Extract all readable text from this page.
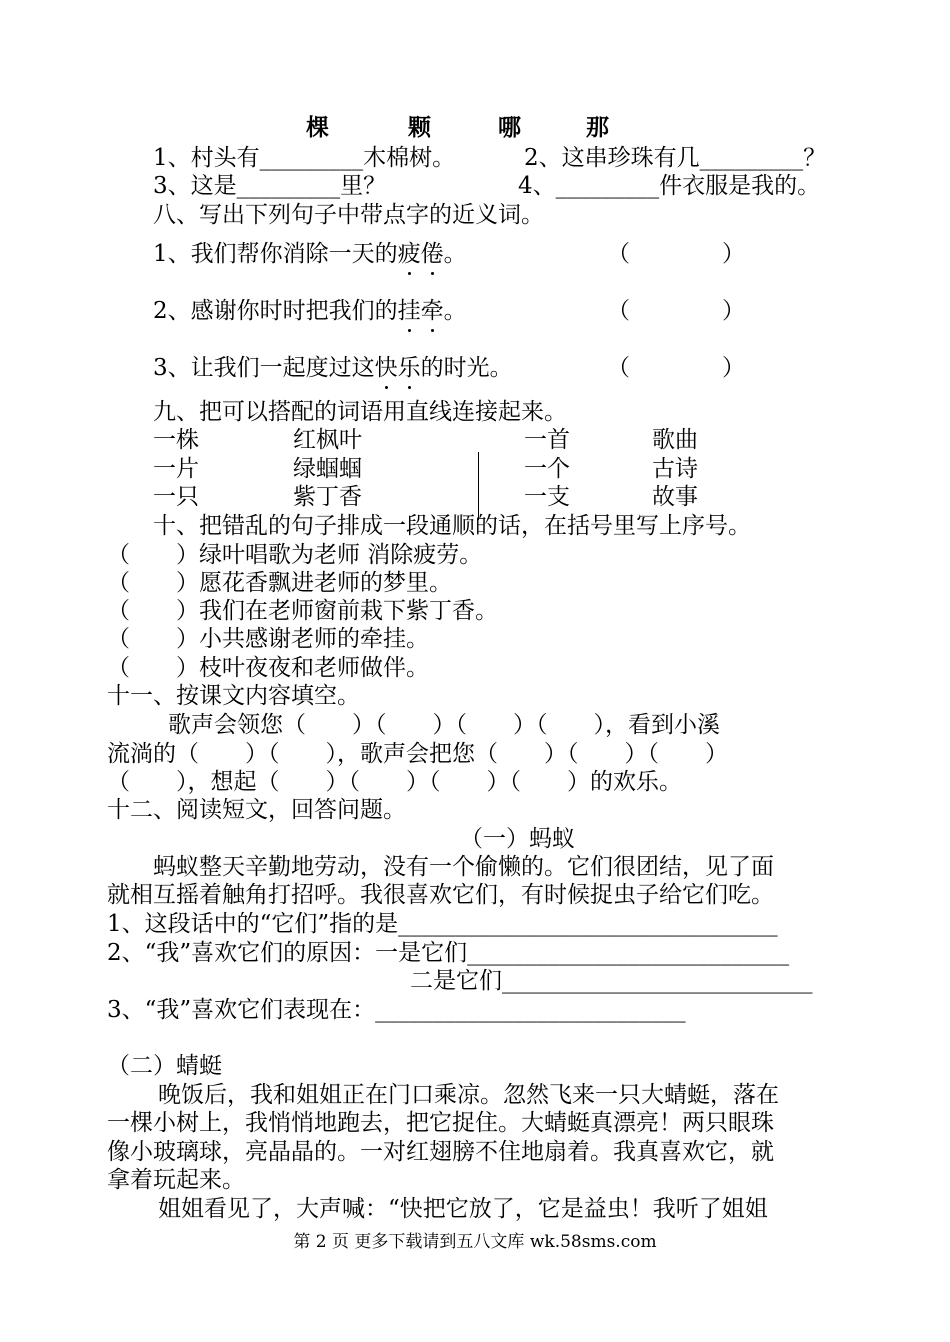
棵	颗	哪	那
1、村头有_________木棉树。	2、这串珍珠有几_________？
3、这是_________里？	4、_________件衣服是我的。
八、写出下列句子中带点字的近义词。
1、我们帮你消除一天的疲倦。	（　　　　）
2、感谢你时时把我们的挂牵。	（　　　　）
3、让我们一起度过这快乐的时光。	（　　　　）
九、把可以搭配的词语用直线连接起来。
一株	红枫叶	一首	歌曲
一片	绿蝈蝈	一个	古诗
一只	紫丁香	一支	故事
十、把错乱的句子排成一段通顺的话，在括号里写上序号。
（　　）绿叶唱歌为老师 消除疲劳。
（　　）愿花香飘进老师的梦里。
（　　）我们在老师窗前栽下紫丁香。
（　　）小共感谢老师的牵挂。
（　　）枝叶夜夜和老师做伴。
十一、按课文内容填空。
歌声会领您（　　）（　　）（　　）（　　），看到小溪
流淌的（　　）（　　），歌声会把您（　　）（　　）（　　）
（　　），想起（　　）（　　）（　　）（　　）的欢乐。
十二、阅读短文，回答问题。
（一）蚂蚁
蚂蚁整天辛勤地劳动，没有一个偷懒的。它们很团结，见了面
就相互摇着触角打招呼。我很喜欢它们，有时候捉虫子给它们吃。
1、这段话中的“它们”指的是_________________________________
2、“我”喜欢它们的原因：一是它们____________________________
二是它们___________________________
3、“我”喜欢它们表现在：___________________________
（二）蜻蜓
晚饭后，我和姐姐正在门口乘凉。忽然飞来一只大蜻蜓，落在
一棵小树上，我悄悄地跑去，把它捉住。大蜻蜓真漂亮！两只眼珠
像小玻璃球，亮晶晶的。一对红翅膀不住地扇着。我真喜欢它，就
拿着玩起来。
姐姐看见了，大声喊：“快把它放了，它是益虫！我听了姐姐
第 2 页 更多下载请到五八文库 wk.58sms.com
